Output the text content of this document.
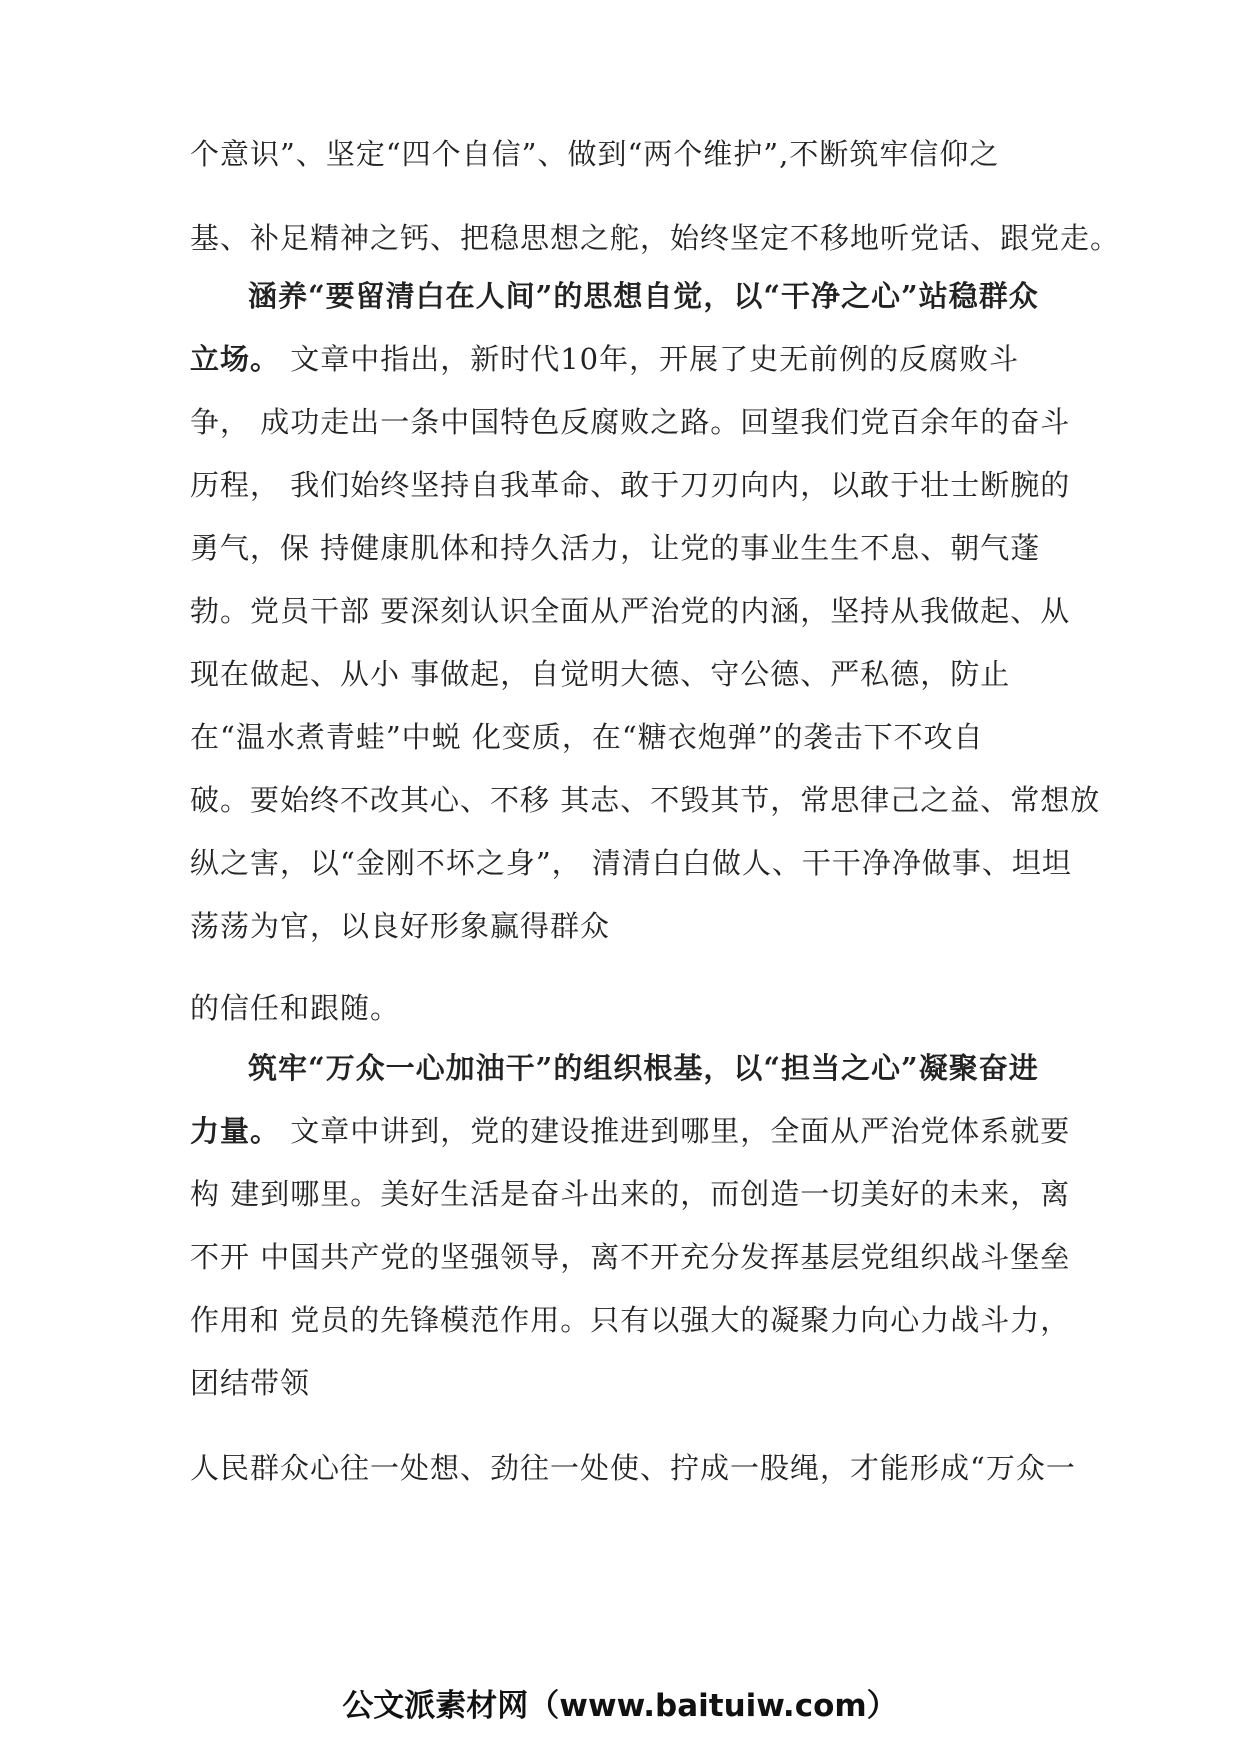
个意识”、坚定“四个自信”、做到“两个维护”,不断筑牢信仰之
基、补足精神之钙、把稳思想之舵，始终坚定不移地听党话、跟党走。
涵养“要留清白在人间”的思想自觉，以“干净之心”站稳群众
立场。 文章中指出，新时代10年，开展了史无前例的反腐败斗
争， 成功走出一条中国特色反腐败之路。回望我们党百余年的奋斗
历程， 我们始终坚持自我革命、敢于刀刃向内，以敢于壮士断腕的
勇气，保 持健康肌体和持久活力，让党的事业生生不息、朝气蓬
勃。党员干部 要深刻认识全面从严治党的内涵，坚持从我做起、从
现在做起、从小 事做起，自觉明大德、守公德、严私德，防止
在“温水煮青蛙”中蜕 化变质，在“糖衣炮弹”的袭击下不攻自
破。要始终不改其心、不移 其志、不毁其节，常思律己之益、常想放
纵之害，以“金刚不坏之身”， 清清白白做人、干干净净做事、坦坦
荡荡为官，以良好形象赢得群众
的信任和跟随。
筑牢“万众一心加油干”的组织根基，以“担当之心”凝聚奋进
力量。 文章中讲到，党的建设推进到哪里，全面从严治党体系就要
构 建到哪里。美好生活是奋斗出来的，而创造一切美好的未来，离
不开 中国共产党的坚强领导，离不开充分发挥基层党组织战斗堡垒
作用和 党员的先锋模范作用。只有以强大的凝聚力向心力战斗力，
团结带领
人民群众心往一处想、劲往一处使、拧成一股绳，才能形成“万众一
公文派素材网（www.baituiw.com）
